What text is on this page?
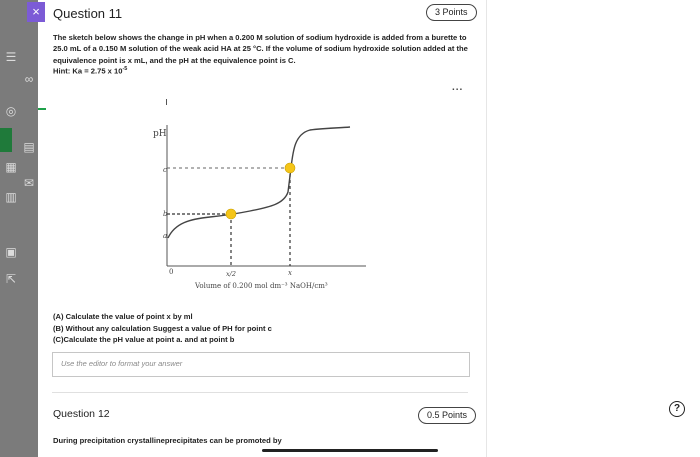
☰
∞
◎
▤
▦
✉
▥
▣
⇱
×	Question 11	3 Points
The sketch below shows the change in pH when a 0.200 M solution of sodium hydroxide is added from a burette to 25.0 mL of a 0.150 M solution of the weak acid HA at 25 °C. If the volume of sodium hydroxide solution added at the equivalence point is x mL, and the pH at the equivalence point is C.
Hint: Ka = 2.75 x $10^{-5}$
...
pH
c
b
a
0	x/2	x
Volume of 0.200 mol dm⁻³ NaOH/cm³
(A) Calculate the value of point x by ml
(B) Without any calculation Suggest a value of PH for point c
(C)Calculate the pH value at point a. and at point b
Use the editor to format your answer
Question 12	0.5 Points
?
During precipitation crystallineprecipitates can be promoted by
